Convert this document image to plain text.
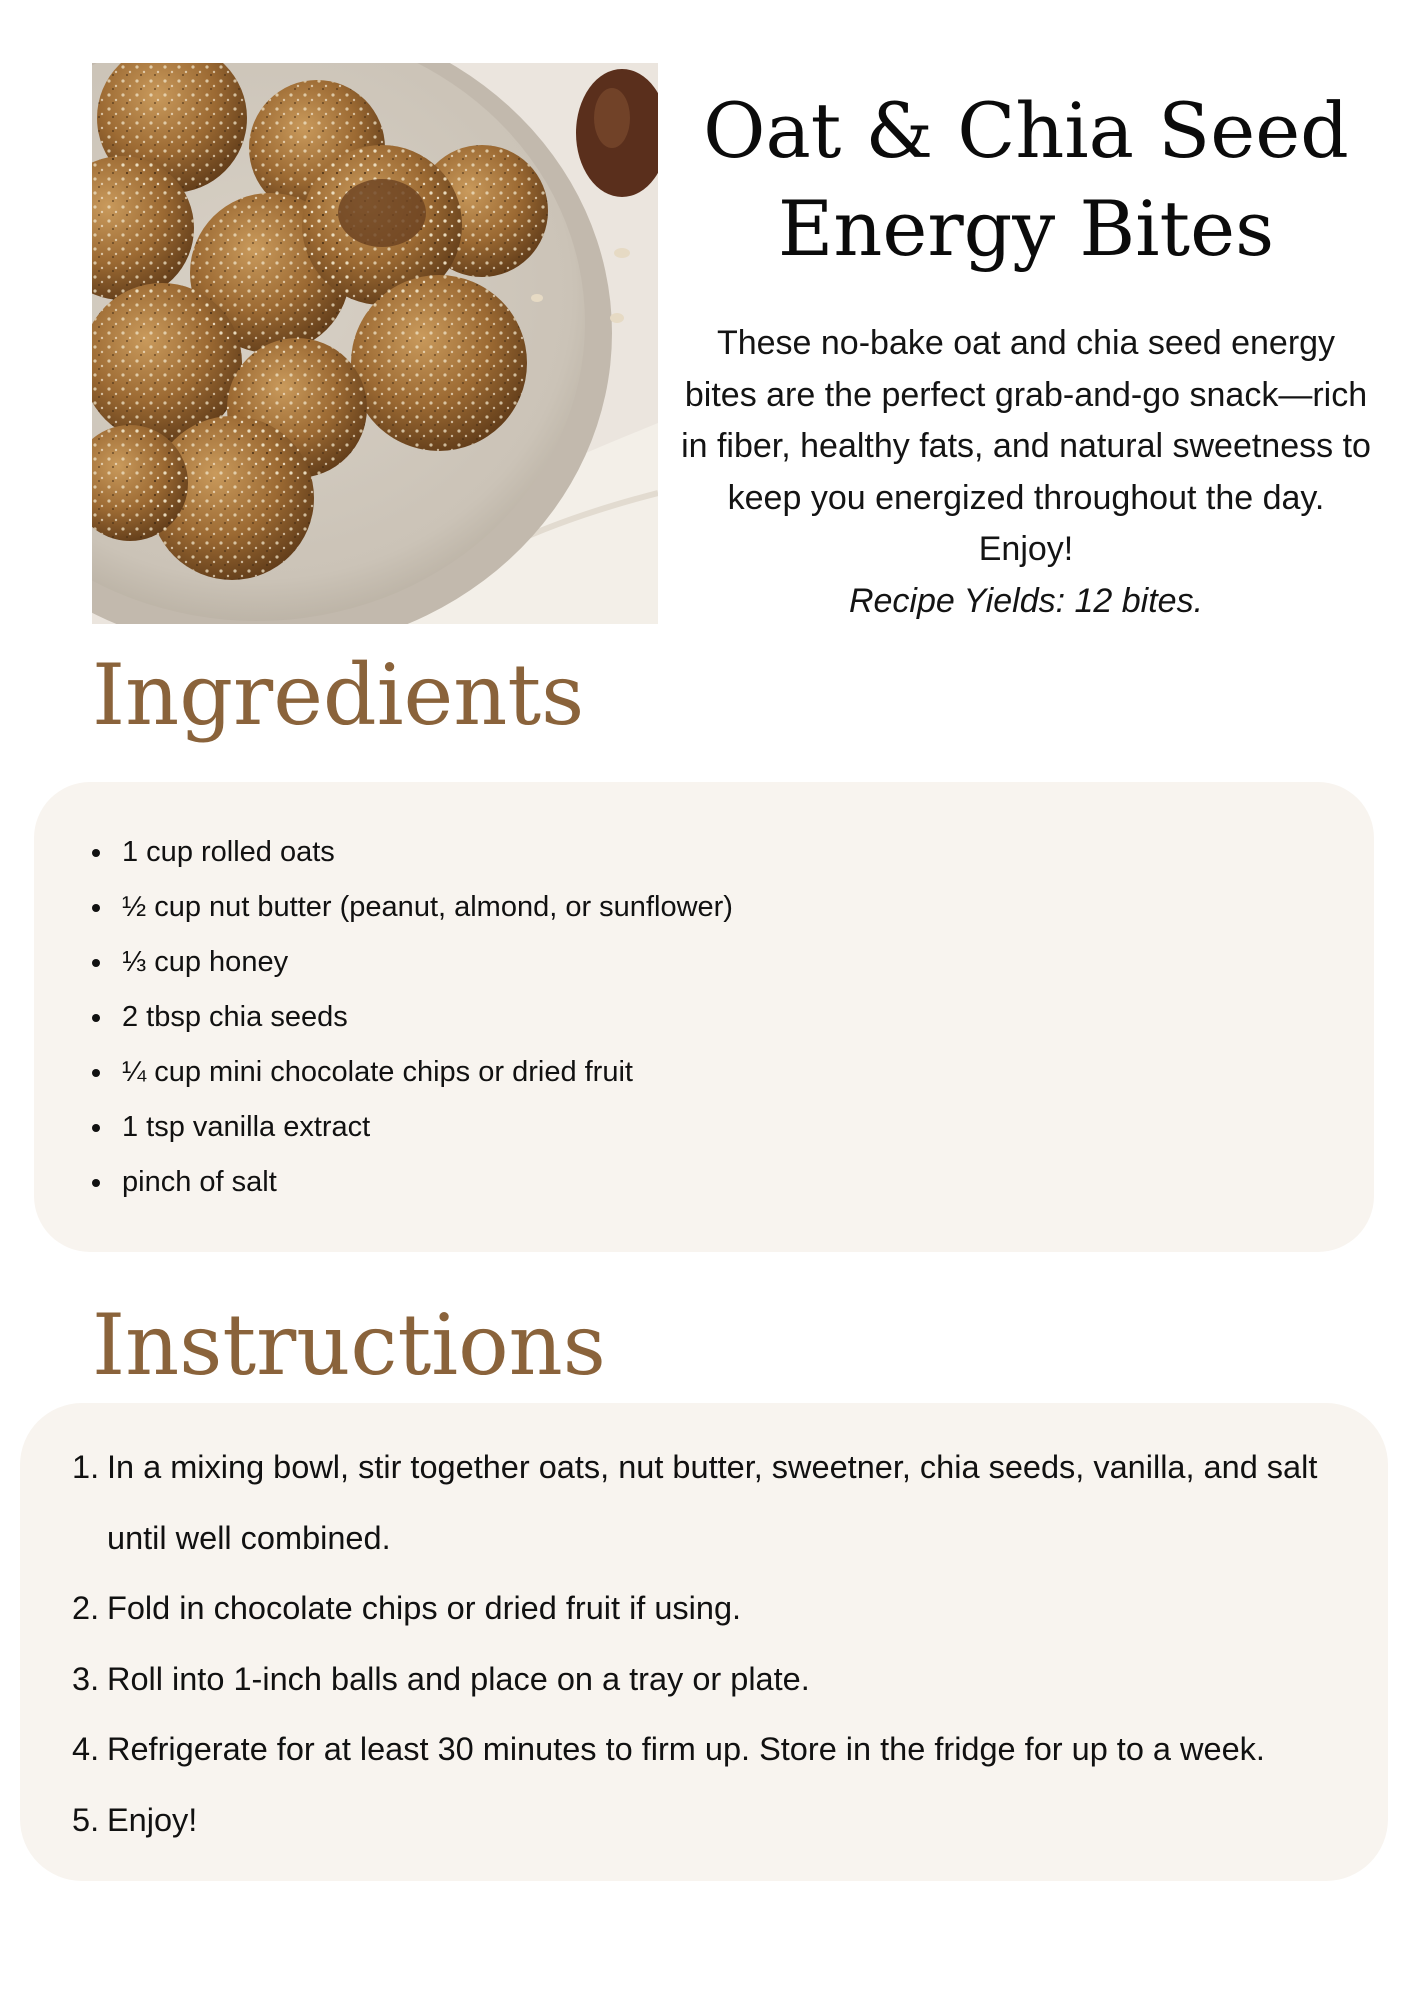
Oat & Chia Seed
Energy Bites

These no-bake oat and chia seed energy bites are the perfect grab-and-go snack—rich in fiber, healthy fats, and natural sweetness to keep you energized throughout the day. Enjoy!
Recipe Yields: 12 bites.

Ingredients
1 cup rolled oats
½ cup nut butter (peanut, almond, or sunflower)
⅓ cup honey
2 tbsp chia seeds
¼ cup mini chocolate chips or dried fruit
1 tsp vanilla extract
pinch of salt
Instructions
1. In a mixing bowl, stir together oats, nut butter, sweetner, chia seeds, vanilla, and salt until well combined.
2. Fold in chocolate chips or dried fruit if using.
3. Roll into 1-inch balls and place on a tray or plate.
4. Refrigerate for at least 30 minutes to firm up. Store in the fridge for up to a week.
5. Enjoy!
